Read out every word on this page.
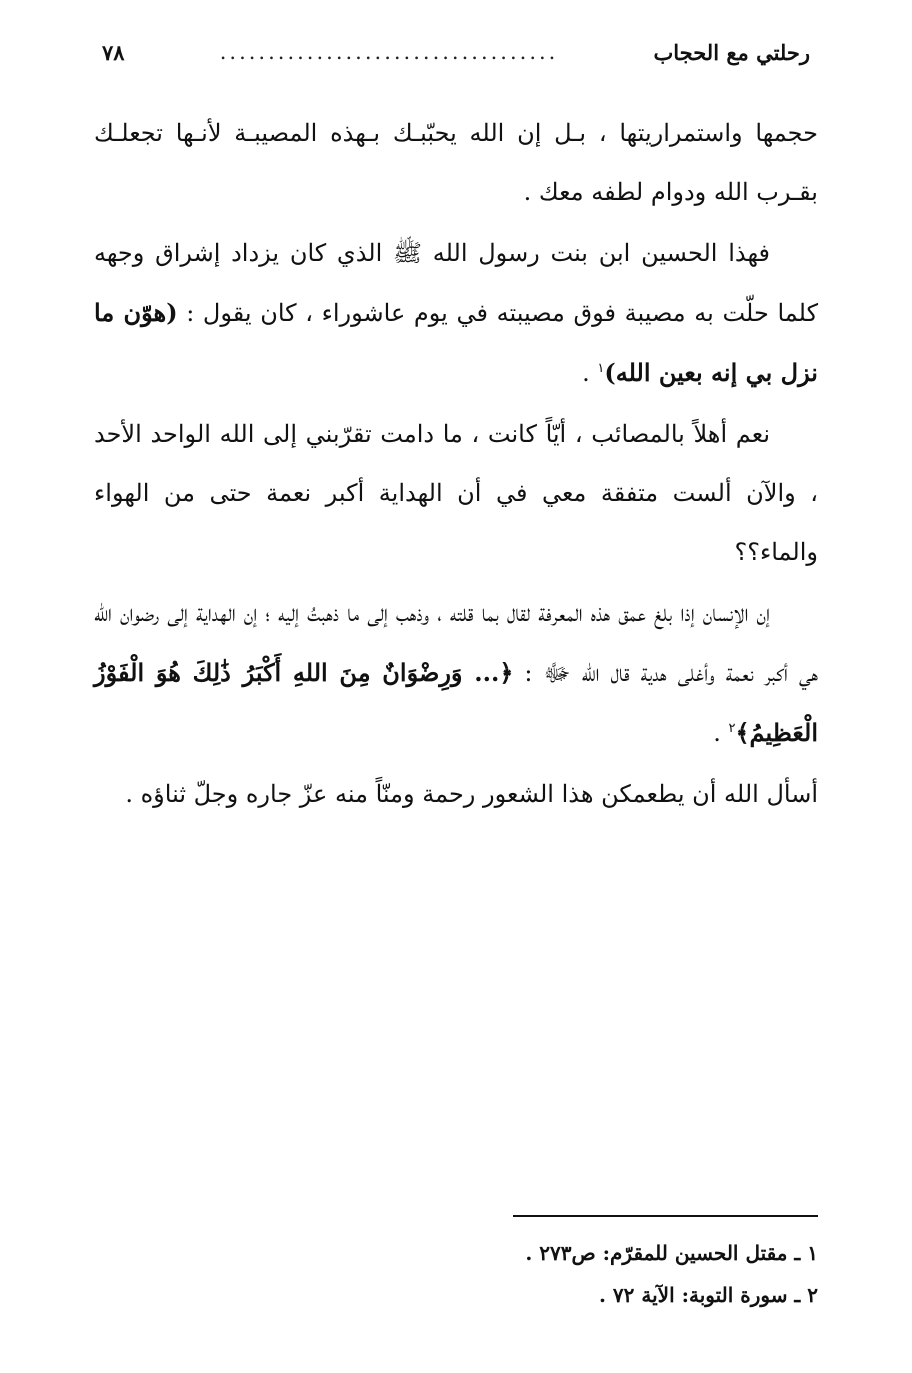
رحلتي مع الحجاب
...................................
٧٨

حجمها واستمراريتها ، بـل إن الله يحبّبـك بـهذه المصيبـة لأنـها تجعلـك بقـرب الله ودوام لطفه معك .

فهذا الحسين ابن بنت رسول الله ﷺ الذي كان يزداد إشراق وجهه كلما حلّت به مصيبة فوق مصيبته في يوم عاشوراء ، كان يقول : (هوّن ما نزل بي إنه بعين الله)$^١$ .

نعم أهلاً بالمصائب ، أيّاً كانت ، ما دامت تقرّبني إلى الله الواحد الأحد ، والآن ألست متفقة معي في أن الهداية أكبر نعمة حتى من الهواء والماء؟؟

إن الإنسان إذا بلغ عمق هذه المعرفة لقال بما قلته ، وذهب إلى ما ذهبتُ إليه ؛ إن الهداية إلى رضوان الله هي أكبر نعمة وأغلى هدية قال الله ﷻ : ﴿... وَرِضْوَانٌ مِنَ اللهِ أَكْبَرُ ذَٰلِكَ هُوَ الْفَوْزُ الْعَظِيمُ﴾$^٢$ .

أسأل الله أن يطعمكن هذا الشعور رحمة ومنّاً منه عزّ جاره وجلّ ثناؤه .

١ ـ مقتل الحسين للمقرّم: ص٢٧٣ .
٢ ـ سورة التوبة: الآية ٧٢ .
